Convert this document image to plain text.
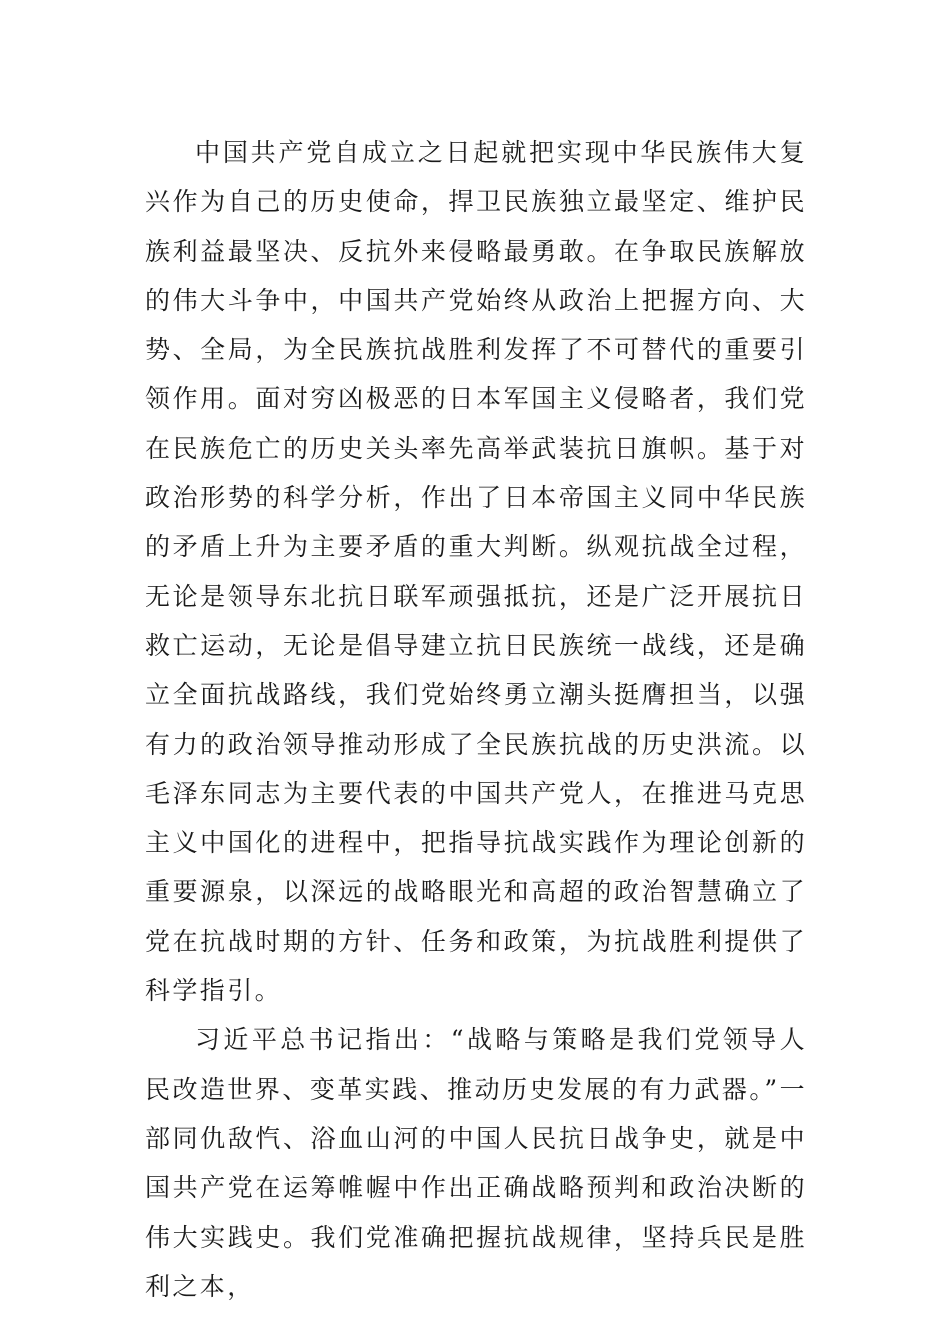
中国共产党自成立之日起就把实现中华民族伟大复兴作为自己的历史使命，捍卫民族独立最坚定、维护民族利益最坚决、反抗外来侵略最勇敢。在争取民族解放的伟大斗争中，中国共产党始终从政治上把握方向、大势、全局，为全民族抗战胜利发挥了不可替代的重要引领作用。面对穷凶极恶的日本军国主义侵略者，我们党在民族危亡的历史关头率先高举武装抗日旗帜。基于对政治形势的科学分析，作出了日本帝国主义同中华民族的矛盾上升为主要矛盾的重大判断。纵观抗战全过程，无论是领导东北抗日联军顽强抵抗，还是广泛开展抗日救亡运动，无论是倡导建立抗日民族统一战线，还是确立全面抗战路线，我们党始终勇立潮头挺膺担当，以强有力的政治领导推动形成了全民族抗战的历史洪流。以毛泽东同志为主要代表的中国共产党人，在推进马克思主义中国化的进程中，把指导抗战实践作为理论创新的重要源泉，以深远的战略眼光和高超的政治智慧确立了党在抗战时期的方针、任务和政策，为抗战胜利提供了科学指引。

习近平总书记指出：“战略与策略是我们党领导人民改造世界、变革实践、推动历史发展的有力武器。”一部同仇敌忾、浴血山河的中国人民抗日战争史，就是中国共产党在运筹帷幄中作出正确战略预判和政治决断的伟大实践史。我们党准确把握抗战规律，坚持兵民是胜利之本，
